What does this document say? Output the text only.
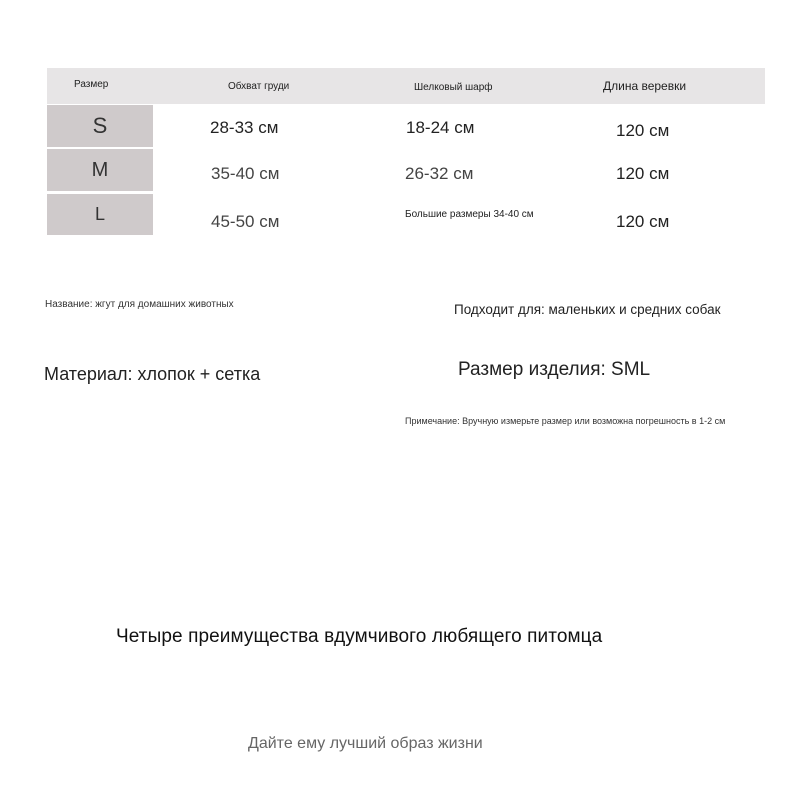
Размер	Обхват груди	Шелковый шарф	Длина веревки
S	28-33 см	18-24 см	120 см
M	35-40 см	26-32 см	120 см
L	45-50 см	Большие размеры 34-40 см	120 см
Название: жгут для домашних животных	Подходит для: маленьких и средних собак
Материал: хлопок + сетка	Размер изделия: SML
Примечание: Вручную измерьте размер или возможна погрешность в 1-2 см
Четыре преимущества вдумчивого любящего питомца
Дайте ему лучший образ жизни
